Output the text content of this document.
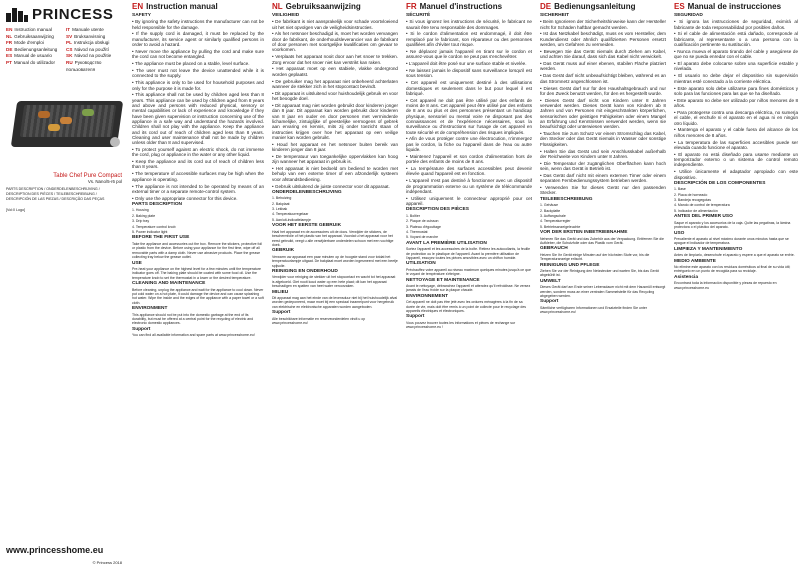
PRINCESS
EN Instruction manual	IT Manuale utente
NL Gebruiksaanwijzing	SV Bruksanvisning
FR Mode d'emploi	PL Instrukcja obsługi
DE Bedienungsanleitung	CS Návod na použití
ES Manual de usuario	SK Návod na použitie
PT Manual do utilizador	RU Руководство пользователя
Table Chef Pure Compact
Vs. Nano/5-r6 pol
PARTS DESCRIPTION / ONDERDELENBESCHRIJVING / DESCRIPTION DES PIÈCES / TEILEBESCHREIBUNG / DESCRIPCIÓN DE LAS PIEZAS / DESCRIÇÃO DAS PEÇAS
[Vol:0 Logo]
www.princesshome.eu
© Princess 2018
EN Instruction manual
SAFETY

• By ignoring the safety instructions the manufacturer can not be held responsible for the damage.

• If the supply cord is damaged, it must be replaced by the manufacturer, its service agent or similarly qualified persons in order to avoid a hazard.

• Never move the appliance by pulling the cord and make sure the cord can not become entangled.

• The appliance must be placed on a stable, level surface.

• The user must not leave the device unattended while it is connected to the supply.

• This appliance is only to be used for household purposes and only for the purpose it is made for.

• This appliance shall not be used by children aged less than 8 years. This appliance can be used by children aged from 8 years and above and persons with reduced physical, sensory or mental capabilities or lack of experience and knowledge if they have been given supervision or instruction concerning use of the appliance in a safe way and understand the hazards involved. Children shall not play with the appliance. Keep the appliance and its cord out of reach of children aged less than 8 years. Cleaning and user maintenance shall not be made by children unless older than 8 and supervised.

• To protect yourself against an electric shock, do not immerse the cord, plug or appliance in the water or any other liquid.

• Keep the appliance and its cord out of reach of children less than 8 years.

• The temperature of accessible surfaces may be high when the appliance is operating.

• The appliance is not intended to be operated by means of an external timer or a separate remote-control system.

• Only use the appropriate connector for this device.

PARTS DESCRIPTION

1. Housing

2. Baking plate

3. Drip tray

4. Temperature control knob

5. Power indicator light

BEFORE THE FIRST USE

Take the appliance and accessories out the box. Remove the stickers, protective foil or plastic from the device. Before using your appliance for the first time, wipe off all removable parts with a damp cloth. Never use abrasive products. Place the grease collecting tray below the grease outlet.

USE

Pre-heat your appliance on the highest level for a few minutes until the temperature indicator goes off. The baking plate should be coated with some food oil. Use the temperature knob to set the thermostat in a lower or the desired temperature.

CLEANING AND MAINTENANCE

Before cleaning, unplug the appliance and wait for the appliance to cool down. Never put cold water on a hot plate, it could damage the device and can cause splashing hot water. Wipe the inside and the edges of the appliance with a paper towel or a soft cloth.

ENVIRONMENT

This appliance should not be put into the domestic garbage at the end of its durability, but must be offered at a central point for the recycling of electric and electronic domestic appliances.

Support

You can find all available information and spare parts at www.princesshome.eu!

NL Gebruiksaanwijzing
VEILIGHEID

• De fabrikant is niet aansprakelijk voor schade voortvloeiend uit het niet opvolgen van de veiligheidsinstructies.

• Als het netsnoer beschadigd is, moet het worden vervangen door de fabrikant, de onderhoudsleverancier van de fabrikant of door personen met soortgelijke kwalificaties om gevaar te voorkomen.

• Verplaats het apparaat nooit door aan het snoer te trekken. Zorg ervoor dat het snoer niet kan verstrikt kan raken.

• Het apparaat moet op een stabiele, vlakke ondergrond worden geplaatst.

• De gebruiker mag het apparaat niet onbeheerd achterlaten wanneer de stekker zich in het stopcontact bevindt.

• Dit apparaat is uitsluitend voor huishoudelijk gebruik en voor het beoogde doel.

• Dit apparaat mag niet worden gebruikt door kinderen jonger dan 8 jaar. Dit apparaat kan worden gebruikt door kinderen van 8 jaar en ouder en door personen met verminderde lichamelijke, zintuiglijke of geestelijke vermogens of gebrek aan ervaring en kennis, mits zij onder toezicht staan of instructies krijgen over hoe het apparaat op een veilige manier kan worden gebruikt.

• Houd het apparaat en het netsnoer buiten bereik van kinderen jonger dan 8 jaar.

• De temperatuur van toegankelijke oppervlakken kan hoog zijn wanneer het apparaat in gebruik is.

• Het apparaat is niet bedoeld om bediend te worden met behulp van een externe timer of een afzonderlijk systeem voor afstandsbediening.

• Gebruik uitsluitend de juiste connector voor dit apparaat.

ONDERDELENBESCHRIJVING

1. Behuizing

2. Bakplaat

3. Lekbak

4. Temperatuurregelaar

5. Aan/uit-indicatielampje

VOOR HET EERSTE GEBRUIK

Haal het apparaat en de accessoires uit de doos. Verwijder de stickers, de beschermfolie of het plastic van het apparaat. Voordat u het apparaat voor het eerst gebruikt, veegt u alle verwijderbare onderdelen schoon met een vochtige doek.

GEBRUIK

Verwarm uw apparaat een paar minuten op de hoogste stand voor totdat het temperatuurlampje uitgaat. De bakplaat moet worden ingesmeerd met een beetje spijsolie.

REINIGING EN ONDERHOUD

Verwijder voor reiniging de stekker uit het stopcontact en wacht tot het apparaat is afgekoeld. Giet nooit koud water op een hete plaat; dit kan het apparaat beschadigen en spatten van heet water veroorzaken.

MILIEU

Dit apparaat mag aan het einde van de levensduur niet bij het huishoudelijk afval worden gedeponeerd, maar moet bij een speciaal inzamelpunt voor hergebruik van elektrische en elektronische apparaten worden aangeboden.

Support

Alle beschikbare informatie en reserveonderdelen vindt u op www.princesshome.eu!

FR Manuel d'instructions
SÉCURITÉ

• Si vous ignorez les instructions de sécurité, le fabricant ne saurait être tenu responsable des dommages.

• Si le cordon d'alimentation est endommagé, il doit être remplacé par le fabricant, son réparateur ou des personnes qualifiées afin d'éviter tout risque.

• Ne déplacez jamais l'appareil en tirant sur le cordon et assurez-vous que le cordon ne peut pas s'enchevêtrer.

• L'appareil doit être posé sur une surface stable et nivelée.

• Ne laissez jamais le dispositif sans surveillance lorsqu'il est sous tension.

• Cet appareil est uniquement destiné à des utilisations domestiques et seulement dans le but pour lequel il est fabriqué.

• Cet appareil ne doit pas être utilisé par des enfants de moins de 8 ans. Cet appareil peut être utilisé par des enfants de 8 ans ou plus et des personnes présentant un handicap physique, sensoriel ou mental voire ne disposant pas des connaissances et de l'expérience nécessaires, sous la surveillance ou d'instructions sur l'usage de cet appareil en toute sécurité et de compréhension des risques impliqués.

• Afin de vous protéger contre une électrocution, n'immergez pas le cordon, la fiche ou l'appareil dans de l'eau ou autre liquide.

• Maintenez l'appareil et son cordon d'alimentation hors de portée des enfants de moins de 8 ans.

• La température des surfaces accessibles peut devenir élevée quand l'appareil est en fonction.

• L'appareil n'est pas destiné à fonctionner avec un dispositif de programmation externe ou un système de télécommande indépendant.

• Utilisez uniquement le connecteur approprié pour cet appareil.

DESCRIPTION DES PIÈCES

1. Boîtier

2. Plaque de cuisson

3. Plateau d'égouttage

4. Thermostat

5. Voyant de marche

AVANT LA PREMIÈRE UTILISATION

Sortez l'appareil et les accessoires de la boîte. Retirez les autocollants, la feuille de protection ou le plastique de l'appareil. Avant la première utilisation de l'appareil, essuyez toutes les pièces amovibles avec un chiffon humide.

UTILISATION

Préchauffez votre appareil au niveau maximum quelques minutes jusqu'à ce que le voyant de température s'éteigne.

NETTOYAGE ET MAINTENANCE

Avant le nettoyage, débranchez l'appareil et attendez qu'il refroidisse. Ne versez jamais de l'eau froide sur la plaque chaude.

ENVIRONNEMENT

Cet appareil ne doit pas être jeté avec les ordures ménagères à la fin de sa durée de vie, mais doit être remis à un point de collecte pour le recyclage des appareils électriques et électroniques.

Support

Vous pouvez trouver toutes les informations et pièces de rechange sur www.princesshome.eu !

DE Bedienungsanleitung
SICHERHEIT

• Beim Ignorieren der Sicherheitshinweise kann der Hersteller nicht für Schäden haftbar gemacht werden.

• Ist das Netzkabel beschädigt, muss es vom Hersteller, dem Kundendienst oder ähnlich qualifizierten Personen ersetzt werden, um Gefahren zu vermeiden.

• Bewegen Sie das Gerät niemals durch Ziehen am Kabel, und achten Sie darauf, dass sich das Kabel nicht verwickelt.

• Das Gerät muss auf einer ebenen, stabilen Fläche platziert werden.

• Das Gerät darf nicht unbeaufsichtigt bleiben, während es an das Stromnetz angeschlossen ist.

• Dieses Gerät darf nur für den Haushaltsgebrauch und nur für den Zweck benutzt werden, für den es hergestellt wurde.

• Dieses Gerät darf nicht von Kindern unter 8 Jahren verwendet werden. Dieses Gerät kann von Kindern ab 8 Jahren und von Personen mit eingeschränkten körperlichen, sensorischen oder geistigen Fähigkeiten oder einem Mangel an Erfahrung und Kenntnissen verwendet werden, wenn sie beaufsichtigt oder unterwiesen werden.

• Tauchen Sie zum Schutz vor einem Stromschlag das Kabel, den Stecker oder das Gerät niemals in Wasser oder sonstige Flüssigkeiten.

• Halten Sie das Gerät und sein Anschlusskabel außerhalb der Reichweite von Kindern unter 8 Jahren.

• Die Temperatur der zugänglichen Oberflächen kann hoch sein, wenn das Gerät in Betrieb ist.

• Das Gerät darf nicht mit einem externen Timer oder einem separaten Fernbedienungssystem betrieben werden.

• Verwenden Sie für dieses Gerät nur den passenden Stecker.

TEILEBESCHREIBUNG

1. Gehäuse

2. Backplatte

3. Auffangschale

4. Temperaturregler

5. Betriebsanzeigeleuchte

VOR DER ERSTEN INBETRIEBNAHME

Nehmen Sie das Gerät und das Zubehör aus der Verpackung. Entfernen Sie die Aufkleber, die Schutzfolie oder das Plastik vom Gerät.

GEBRAUCH

Heizen Sie Ihr Gerät einige Minuten auf der höchsten Stufe vor, bis die Temperaturanzeige erlischt.

REINIGUNG UND PFLEGE

Ziehen Sie vor der Reinigung den Netzstecker und warten Sie, bis das Gerät abgekühlt ist.

UMWELT

Dieses Gerät darf am Ende seiner Lebensdauer nicht mit dem Hausmüll entsorgt werden, sondern muss an einer zentralen Sammelstelle für das Recycling abgegeben werden.

Support

Sämtliche verfügbaren Informationen und Ersatzteile finden Sie unter www.princesshome.eu!

ES Manual de instrucciones
SEGURIDAD

• Si ignora las instrucciones de seguridad, eximirá al fabricante de toda responsabilidad por posibles daños.

• Si el cable de alimentación está dañado, corresponde al fabricante, al representante o a una persona con la cualificación pertinente su sustitución.

• Nunca mueva el aparato tirando del cable y asegúrese de que no se pueda enredar con el cable.

• El aparato debe colocarse sobre una superficie estable y nivelada.

• El usuario no debe dejar el dispositivo sin supervisión mientras esté conectado a la corriente eléctrica.

• Este aparato solo debe utilizarse para fines domésticos y solo para las funciones para las que se ha diseñado.

• Este aparato no debe ser utilizado por niños menores de 8 años.

• Para protegerse contra una descarga eléctrica, no sumerja el cable, el enchufe ni el aparato en el agua ni en ningún otro líquido.

• Mantenga el aparato y el cable fuera del alcance de los niños menores de 8 años.

• La temperatura de las superficies accesibles puede ser elevada cuando funcione el aparato.

• El aparato no está diseñado para usarse mediante un temporizador externo o un sistema de control remoto independiente.

• Utilice únicamente el adaptador apropiado con este dispositivo.

DESCRIPCIÓN DE LOS COMPONENTES

1. Base

2. Placa de horneado

3. Bandeja recogegotas

4. Mando de control de temperatura

5. Indicador de alimentación

ANTES DEL PRIMER USO

Saque el aparato y los accesorios de la caja. Quite las pegatinas, la lámina protectora o el plástico del aparato.

USO

Precaliente el aparato al nivel máximo durante unos minutos hasta que se apague el indicador de temperatura.

LIMPIEZA Y MANTENIMIENTO

Antes de limpiarlo, desenchufe el aparato y espere a que el aparato se enfríe.

MEDIO AMBIENTE

No elimine este aparato con los residuos domésticos al final de su vida útil; entréguelo en un punto de recogida para su reciclaje.

Asistencia

Encontrará toda la información disponible y piezas de repuesto en www.princesshome.eu
